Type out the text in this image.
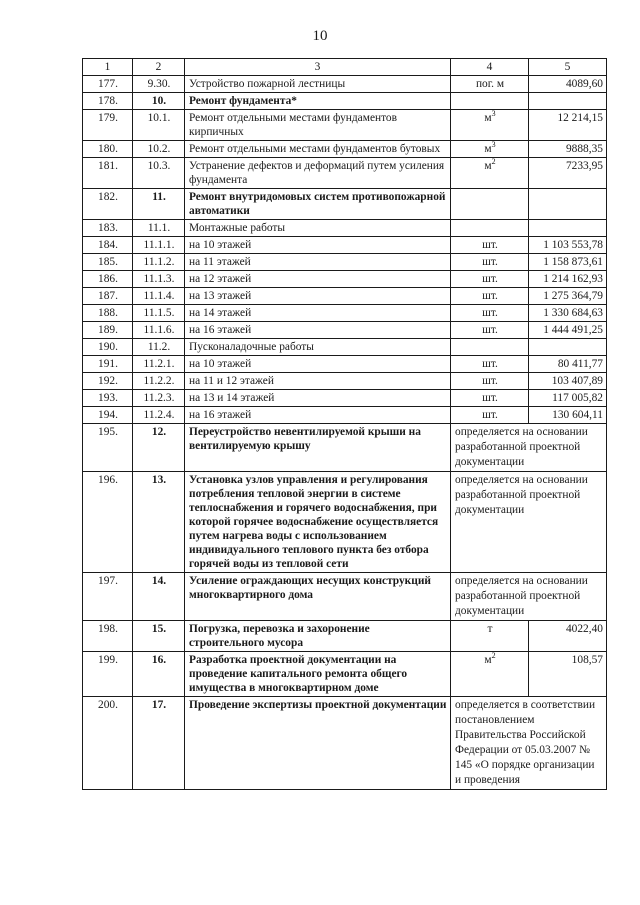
10
1	2	3	4	5
177.	9.30.	Устройство пожарной лестницы	пог. м	4089,60
178.	10.	Ремонт фундамента*		
179.	10.1.	Ремонт отдельными местами фундаментов кирпичных	$м^3$	12 214,15
180.	10.2.	Ремонт отдельными местами фундаментов бутовых	$м^3$	9888,35
181.	10.3.	Устранение дефектов и деформаций путем усиления фундамента	$м^2$	7233,95
182.	11.	Ремонт внутридомовых систем противопожарной автоматики		
183.	11.1.	Монтажные работы		
184.	11.1.1.	на 10 этажей	шт.	1 103 553,78
185.	11.1.2.	на 11 этажей	шт.	1 158 873,61
186.	11.1.3.	на 12 этажей	шт.	1 214 162,93
187.	11.1.4.	на 13 этажей	шт.	1 275 364,79
188.	11.1.5.	на 14 этажей	шт.	1 330 684,63
189.	11.1.6.	на 16 этажей	шт.	1 444 491,25
190.	11.2.	Пусконаладочные работы		
191.	11.2.1.	на 10 этажей	шт.	80 411,77
192.	11.2.2.	на 11 и 12 этажей	шт.	103 407,89
193.	11.2.3.	на 13 и 14 этажей	шт.	117 005,82
194.	11.2.4.	на 16 этажей	шт.	130 604,11
195.	12.	Переустройство невентилируемой крыши на вентилируемую крышу	определяется на основании разработанной проектной документации	
196.	13.	Установка узлов управления и регулирования потребления тепловой энергии в системе теплоснабжения и горячего водоснабжения, при которой горячее водоснабжение осуществляется путем нагрева воды с использованием индивидуального теплового пункта без отбора горячей воды из тепловой сети	определяется на основании разработанной проектной документации	
197.	14.	Усиление ограждающих несущих конструкций многоквартирного дома	определяется на основании разработанной проектной документации	
198.	15.	Погрузка, перевозка и захоронение строительного мусора	т	4022,40
199.	16.	Разработка проектной документации на проведение капитального ремонта общего имущества в многоквартирном доме	$м^2$	108,57
200.	17.	Проведение экспертизы проектной документации	определяется в соответствии постановлением Правительства Российской Федерации от 05.03.2007 № 145 «О порядке организации и проведения	
